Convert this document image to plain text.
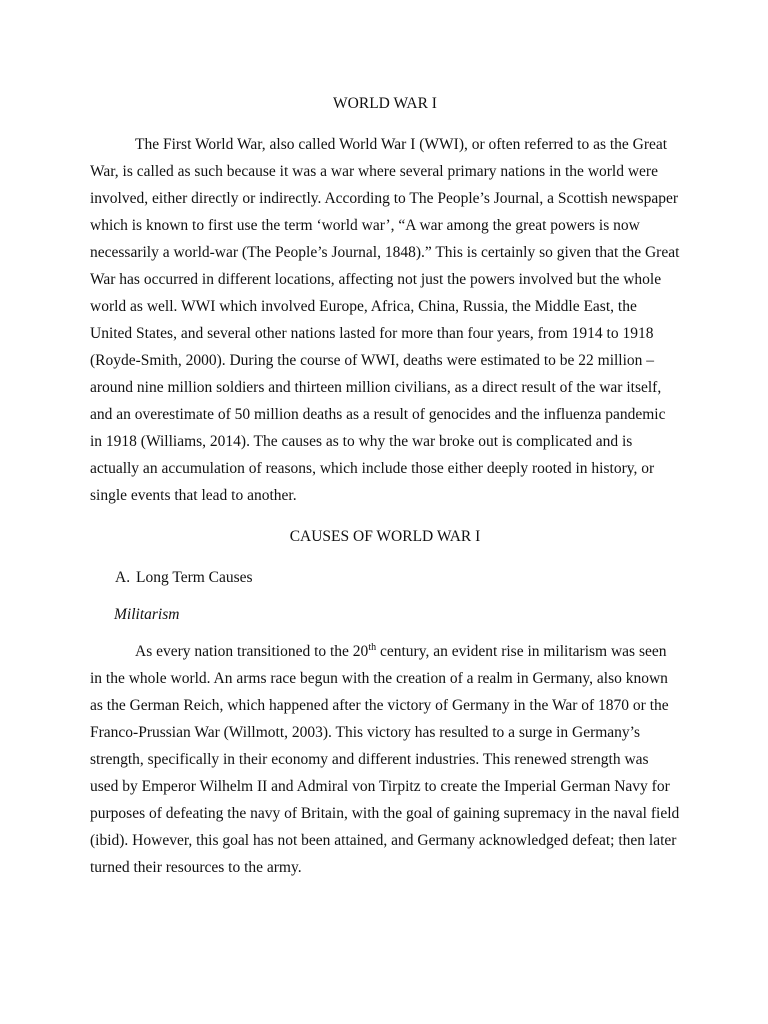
WORLD WAR I

The First World War, also called World War I (WWI), or often referred to as the Great War, is called as such because it was a war where several primary nations in the world were involved, either directly or indirectly. According to The People’s Journal, a Scottish newspaper which is known to first use the term ‘world war’, “A war among the great powers is now necessarily a world-war (The People’s Journal, 1848).” This is certainly so given that the Great War has occurred in different locations, affecting not just the powers involved but the whole world as well. WWI which involved Europe, Africa, China, Russia, the Middle East, the United States, and several other nations lasted for more than four years, from 1914 to 1918 (Royde-Smith, 2000). During the course of WWI, deaths were estimated to be 22 million – around nine million soldiers and thirteen million civilians, as a direct result of the war itself, and an overestimate of 50 million deaths as a result of genocides and the influenza pandemic in 1918 (Williams, 2014). The causes as to why the war broke out is complicated and is actually an accumulation of reasons, which include those either deeply rooted in history, or single events that lead to another.

CAUSES OF WORLD WAR I
A. Long Term Causes
Militarism

As every nation transitioned to the 20th century, an evident rise in militarism was seen in the whole world. An arms race begun with the creation of a realm in Germany, also known as the German Reich, which happened after the victory of Germany in the War of 1870 or the Franco-Prussian War (Willmott, 2003). This victory has resulted to a surge in Germany’s strength, specifically in their economy and different industries. This renewed strength was used by Emperor Wilhelm II and Admiral von Tirpitz to create the Imperial German Navy for purposes of defeating the navy of Britain, with the goal of gaining supremacy in the naval field (ibid). However, this goal has not been attained, and Germany acknowledged defeat; then later turned their resources to the army.
